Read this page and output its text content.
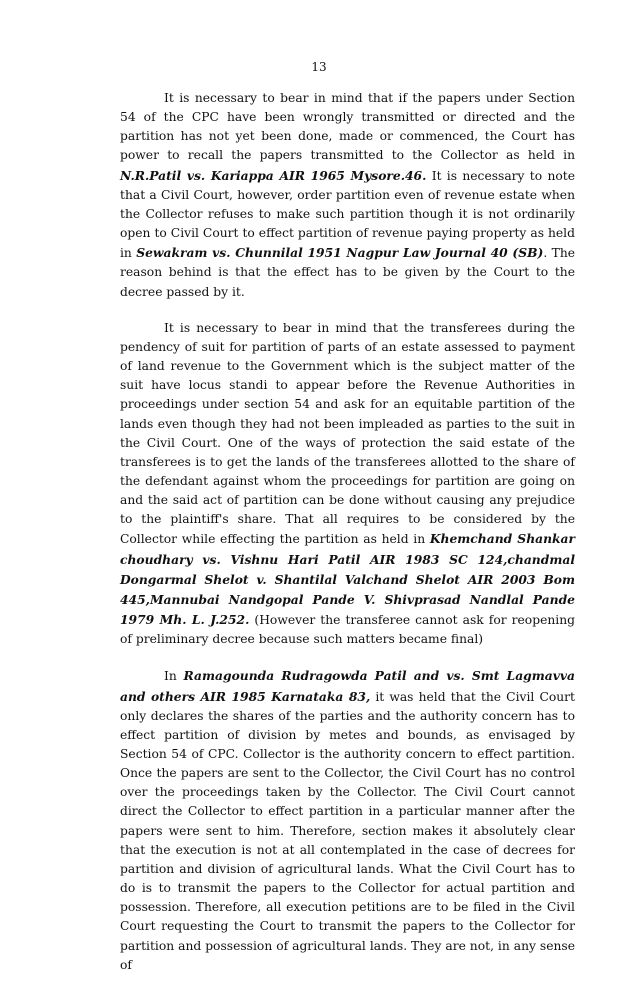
13

It is necessary to bear in mind that if the papers under Section 54 of the CPC have been wrongly transmitted or directed and the partition has not yet been done, made or commenced, the Court has power to recall the papers transmitted to the Collector as held in N.R.Patil vs. Kariappa AIR 1965 Mysore.46. It is necessary to note that a Civil Court, however, order partition even of revenue estate when the Collector refuses to make such partition though it is not ordinarily open to Civil Court to effect partition of revenue paying property as held in Sewakram vs. Chunnilal 1951 Nagpur Law Journal 40 (SB). The reason behind is that the effect has to be given by the Court to the decree passed by it.

It is necessary to bear in mind that the transferees during the pendency of suit for partition of parts of an estate assessed to payment of land revenue to the Government which is the subject matter of the suit have locus standi to appear before the Revenue Authorities in proceedings under section 54 and ask for an equitable partition of the lands even though they had not been impleaded as parties to the suit in the Civil Court. One of the ways of protection the said estate of the transferees is to get the lands of the transferees allotted to the share of the defendant against whom the proceedings for partition are going on and the said act of partition can be done without causing any prejudice to the plaintiff's share. That all requires to be considered by the Collector while effecting the partition as held in Khemchand Shankar choudhary vs. Vishnu Hari Patil AIR 1983 SC 124,chandmal Dongarmal Shelot v. Shantilal Valchand Shelot AIR 2003 Bom 445,Mannubai Nandgopal Pande V. Shivprasad Nandlal Pande 1979 Mh. L. J.252. (However the transferee cannot ask for reopening of preliminary decree because such matters became final)

In Ramagounda Rudragowda Patil and vs. Smt Lagmavva and others AIR 1985 Karnataka 83, it was held that the Civil Court only declares the shares of the parties and the authority concern has to effect partition of division by metes and bounds, as envisaged by Section 54 of CPC. Collector is the authority concern to effect partition. Once the papers are sent to the Collector, the Civil Court has no control over the proceedings taken by the Collector. The Civil Court cannot direct the Collector to effect partition in a particular manner after the papers were sent to him. Therefore, section makes it absolutely clear that the execution is not at all contemplated in the case of decrees for partition and division of agricultural lands. What the Civil Court has to do is to transmit the papers to the Collector for actual partition and possession. Therefore, all execution petitions are to be filed in the Civil Court requesting the Court to transmit the papers to the Collector for partition and possession of agricultural lands. They are not, in any sense of
